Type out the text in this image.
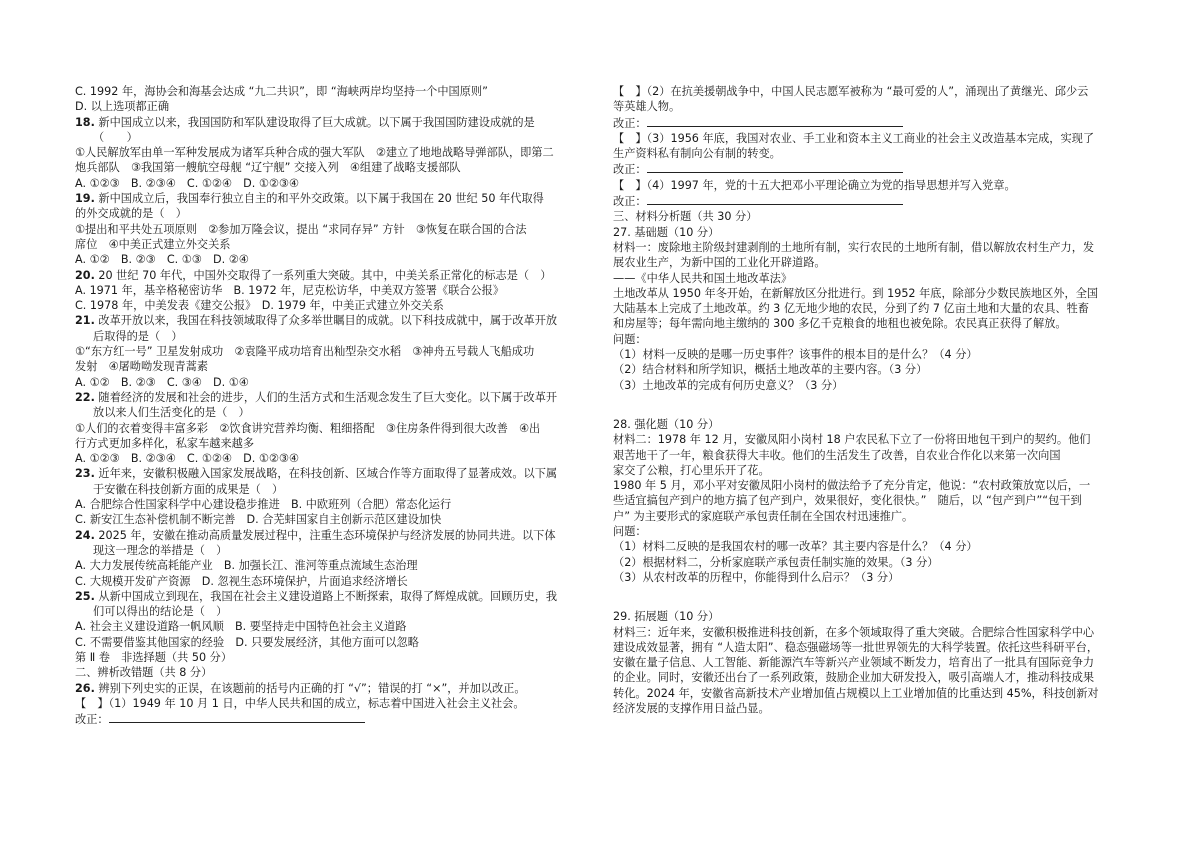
C. 1992 年，海协会和海基会达成 “九二共识”，即 “海峡两岸均坚持一个中国原则”
D. 以上选项都正确
18. 新中国成立以来，我国国防和军队建设取得了巨大成就。以下属于我国国防建设成就的是
（　　）
①人民解放军由单一军种发展成为诸军兵种合成的强大军队　②建立了地地战略导弹部队，即第二
炮兵部队　③我国第一艘航空母舰 “辽宁舰” 交接入列　④组建了战略支援部队
A. ①②③　B. ②③④　C. ①②④　D. ①②③④
19. 新中国成立后，我国奉行独立自主的和平外交政策。以下属于我国在 20 世纪 50 年代取得
的外交成就的是（　）
①提出和平共处五项原则　②参加万隆会议，提出 “求同存异” 方针　③恢复在联合国的合法
席位　④中美正式建立外交关系
A. ①②　B. ②③　C. ①③　D. ②④
20. 20 世纪 70 年代，中国外交取得了一系列重大突破。其中，中美关系正常化的标志是（　）
A. 1971 年，基辛格秘密访华　B. 1972 年，尼克松访华，中美双方签署《联合公报》
C. 1978 年，中美发表《建交公报》　D. 1979 年，中美正式建立外交关系
21. 改革开放以来，我国在科技领域取得了众多举世瞩目的成就。以下科技成就中，属于改革开放
后取得的是（　）
①“东方红一号” 卫星发射成功　②袁隆平成功培育出籼型杂交水稻　③神舟五号载人飞船成功
发射　④屠呦呦发现青蒿素
A. ①②　B. ②③　C. ③④　D. ①④
22. 随着经济的发展和社会的进步，人们的生活方式和生活观念发生了巨大变化。以下属于改革开
放以来人们生活变化的是（　）
①人们的衣着变得丰富多彩　②饮食讲究营养均衡、粗细搭配　③住房条件得到很大改善　④出
行方式更加多样化，私家车越来越多
A. ①②③　B. ②③④　C. ①②④　D. ①②③④
23. 近年来，安徽积极融入国家发展战略，在科技创新、区域合作等方面取得了显著成效。以下属
于安徽在科技创新方面的成果是（　）
A. 合肥综合性国家科学中心建设稳步推进　B. 中欧班列（合肥）常态化运行
C. 新安江生态补偿机制不断完善　D. 合芜蚌国家自主创新示范区建设加快
24. 2025 年，安徽在推动高质量发展过程中，注重生态环境保护与经济发展的协同共进。以下体
现这一理念的举措是（　）
A. 大力发展传统高耗能产业　B. 加强长江、淮河等重点流域生态治理
C. 大规模开发矿产资源　D. 忽视生态环境保护，片面追求经济增长
25. 从新中国成立到现在，我国在社会主义建设道路上不断探索，取得了辉煌成就。回顾历史，我
们可以得出的结论是（　）
A. 社会主义建设道路一帆风顺　B. 要坚持走中国特色社会主义道路
C. 不需要借鉴其他国家的经验　D. 只要发展经济，其他方面可以忽略
第 Ⅱ 卷　非选择题（共 50 分）
二、辨析改错题（共 8 分）
26. 辨别下列史实的正误，在该题前的括号内正确的打 “√”；错误的打 “×”，并加以改正。
【　】（1）1949 年 10 月 1 日，中华人民共和国的成立，标志着中国进入社会主义社会。
改正：
【　】（2）在抗美援朝战争中，中国人民志愿军被称为 “最可爱的人”，涌现出了黄继光、邱少云
等英雄人物。
改正：
【　】（3）1956 年底，我国对农业、手工业和资本主义工商业的社会主义改造基本完成，实现了
生产资料私有制向公有制的转变。
改正：
【　】（4）1997 年，党的十五大把邓小平理论确立为党的指导思想并写入党章。
改正：
三、材料分析题（共 30 分）
27. 基础题（10 分）
材料一：废除地主阶级封建剥削的土地所有制，实行农民的土地所有制，借以解放农村生产力，发
展农业生产，为新中国的工业化开辟道路。
——《中华人民共和国土地改革法》
土地改革从 1950 年冬开始，在新解放区分批进行。到 1952 年底，除部分少数民族地区外，全国
大陆基本上完成了土地改革。约 3 亿无地少地的农民，分到了约 7 亿亩土地和大量的农具、牲畜
和房屋等；每年需向地主缴纳的 300 多亿千克粮食的地租也被免除。农民真正获得了解放。
问题：
（1）材料一反映的是哪一历史事件？该事件的根本目的是什么？（4 分）
（2）结合材料和所学知识，概括土地改革的主要内容。（3 分）
（3）土地改革的完成有何历史意义？（3 分）
28. 强化题（10 分）
材料二：1978 年 12 月，安徽凤阳小岗村 18 户农民私下立了一份将田地包干到户的契约。他们
艰苦地干了一年，粮食获得大丰收。他们的生活发生了改善，自农业合作化以来第一次向国
家交了公粮，打心里乐开了花。
1980 年 5 月，邓小平对安徽凤阳小岗村的做法给予了充分肯定，他说：“农村政策放宽以后，一
些适宜搞包产到户的地方搞了包产到户，效果很好，变化很快。”　随后，以 “包产到户”“包干到
户” 为主要形式的家庭联产承包责任制在全国农村迅速推广。
问题：
（1）材料二反映的是我国农村的哪一改革？其主要内容是什么？（4 分）
（2）根据材料二，分析家庭联产承包责任制实施的效果。（3 分）
（3）从农村改革的历程中，你能得到什么启示？（3 分）
29. 拓展题（10 分）
材料三：近年来，安徽积极推进科技创新，在多个领域取得了重大突破。合肥综合性国家科学中心
建设成效显著，拥有 “人造太阳”、稳态强磁场等一批世界领先的大科学装置。依托这些科研平台，
安徽在量子信息、人工智能、新能源汽车等新兴产业领域不断发力，培育出了一批具有国际竞争力
的企业。同时，安徽还出台了一系列政策，鼓励企业加大研发投入，吸引高端人才，推动科技成果
转化。2024 年，安徽省高新技术产业增加值占规模以上工业增加值的比重达到 45%，科技创新对
经济发展的支撑作用日益凸显。
